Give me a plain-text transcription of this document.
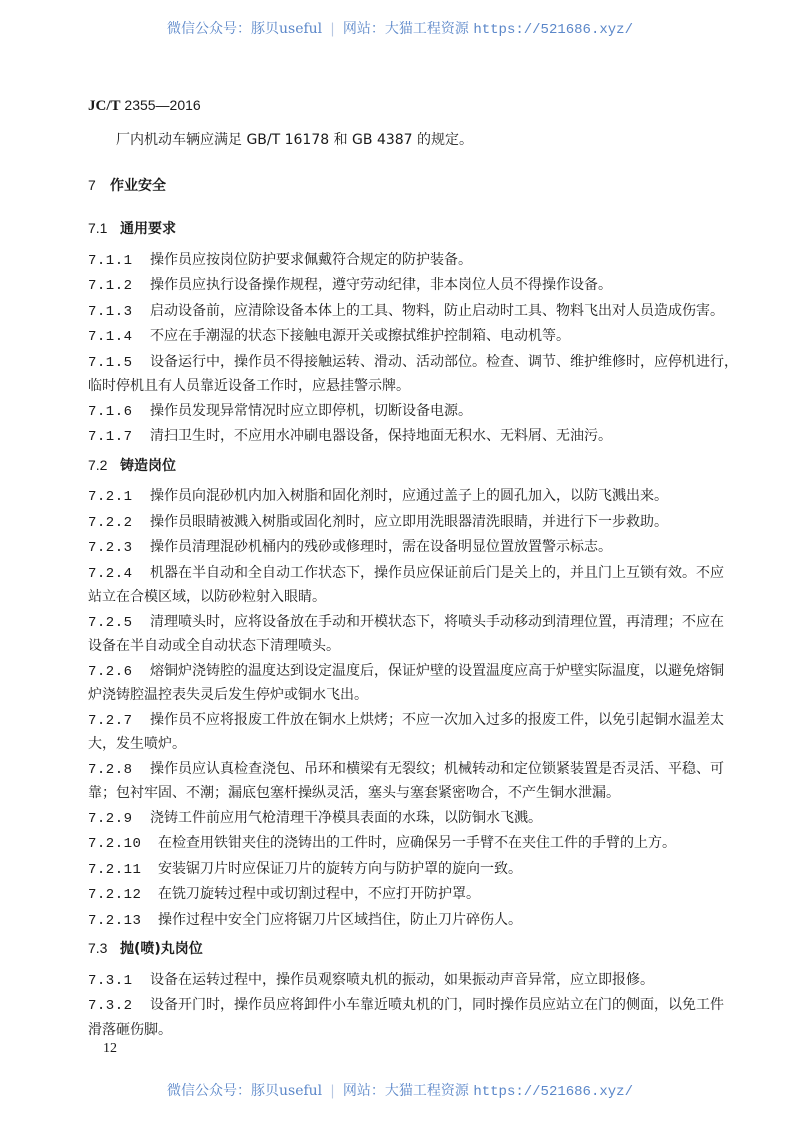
微信公众号：豚贝useful | 网站：大猫工程资源 https://521686.xyz/
JC/T 2355—2016
厂内机动车辆应满足 GB/T 16178 和 GB 4387 的规定。
7 作业安全
7.1 通用要求
7.1.1 操作员应按岗位防护要求佩戴符合规定的防护装备。
7.1.2 操作员应执行设备操作规程，遵守劳动纪律，非本岗位人员不得操作设备。
7.1.3 启动设备前，应清除设备本体上的工具、物料，防止启动时工具、物料飞出对人员造成伤害。
7.1.4 不应在手潮湿的状态下接触电源开关或擦拭维护控制箱、电动机等。
7.1.5 设备运行中，操作员不得接触运转、滑动、活动部位。检查、调节、维护维修时，应停机进行，
临时停机且有人员靠近设备工作时，应悬挂警示牌。
7.1.6 操作员发现异常情况时应立即停机，切断设备电源。
7.1.7 清扫卫生时，不应用水冲刷电器设备，保持地面无积水、无料屑、无油污。
7.2 铸造岗位
7.2.1 操作员向混砂机内加入树脂和固化剂时，应通过盖子上的圆孔加入，以防飞溅出来。
7.2.2 操作员眼睛被溅入树脂或固化剂时，应立即用洗眼器清洗眼睛，并进行下一步救助。
7.2.3 操作员清理混砂机桶内的残砂或修理时，需在设备明显位置放置警示标志。
7.2.4 机器在半自动和全自动工作状态下，操作员应保证前后门是关上的，并且门上互锁有效。不应
站立在合模区域，以防砂粒射入眼睛。
7.2.5 清理喷头时，应将设备放在手动和开模状态下，将喷头手动移动到清理位置，再清理；不应在
设备在半自动或全自动状态下清理喷头。
7.2.6 熔铜炉浇铸腔的温度达到设定温度后，保证炉壁的设置温度应高于炉壁实际温度，以避免熔铜
炉浇铸腔温控表失灵后发生停炉或铜水飞出。
7.2.7 操作员不应将报废工件放在铜水上烘烤；不应一次加入过多的报废工件，以免引起铜水温差太
大，发生喷炉。
7.2.8 操作员应认真检查浇包、吊环和横梁有无裂纹；机械转动和定位锁紧装置是否灵活、平稳、可
靠；包衬牢固、不潮；漏底包塞杆操纵灵活，塞头与塞套紧密吻合，不产生铜水泄漏。
7.2.9 浇铸工件前应用气枪清理干净模具表面的水珠，以防铜水飞溅。
7.2.10 在检查用铁钳夹住的浇铸出的工件时，应确保另一手臂不在夹住工件的手臂的上方。
7.2.11 安装锯刀片时应保证刀片的旋转方向与防护罩的旋向一致。
7.2.12 在铣刀旋转过程中或切割过程中，不应打开防护罩。
7.2.13 操作过程中安全门应将锯刀片区域挡住，防止刀片碎伤人。
7.3 抛(喷)丸岗位
7.3.1 设备在运转过程中，操作员观察喷丸机的振动，如果振动声音异常，应立即报修。
7.3.2 设备开门时，操作员应将卸件小车靠近喷丸机的门，同时操作员应站立在门的侧面，以免工件
滑落砸伤脚。
12
微信公众号：豚贝useful | 网站：大猫工程资源 https://521686.xyz/
